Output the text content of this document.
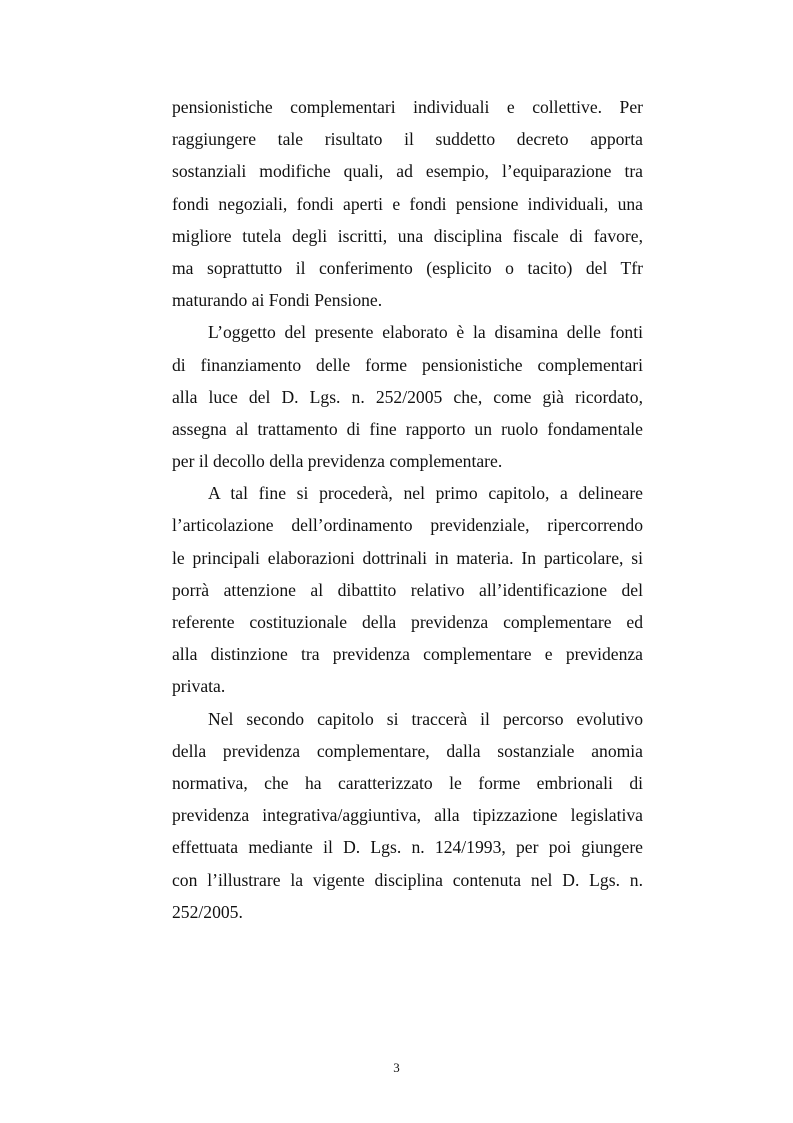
pensionistiche complementari individuali e collettive. Per
raggiungere tale risultato il suddetto decreto apporta
sostanziali modifiche quali, ad esempio, l’equiparazione tra
fondi negoziali, fondi aperti e fondi pensione individuali, una
migliore tutela degli iscritti, una disciplina fiscale di favore,
ma soprattutto il conferimento (esplicito o tacito) del Tfr
maturando ai Fondi Pensione.
L’oggetto del presente elaborato è la disamina delle fonti
di finanziamento delle forme pensionistiche complementari
alla luce del D. Lgs. n. 252/2005 che, come già ricordato,
assegna al trattamento di fine rapporto un ruolo fondamentale
per il decollo della previdenza complementare.
A tal fine si procederà, nel primo capitolo, a delineare
l’articolazione dell’ordinamento previdenziale, ripercorrendo
le principali elaborazioni dottrinali in materia. In particolare, si
porrà attenzione al dibattito relativo all’identificazione del
referente costituzionale della previdenza complementare ed
alla distinzione tra previdenza complementare e previdenza
privata.
Nel secondo capitolo si traccerà il percorso evolutivo
della previdenza complementare, dalla sostanziale anomia
normativa, che ha caratterizzato le forme embrionali di
previdenza integrativa/aggiuntiva, alla tipizzazione legislativa
effettuata mediante il D. Lgs. n. 124/1993, per poi giungere
con l’illustrare la vigente disciplina contenuta nel D. Lgs. n.
252/2005.
3
